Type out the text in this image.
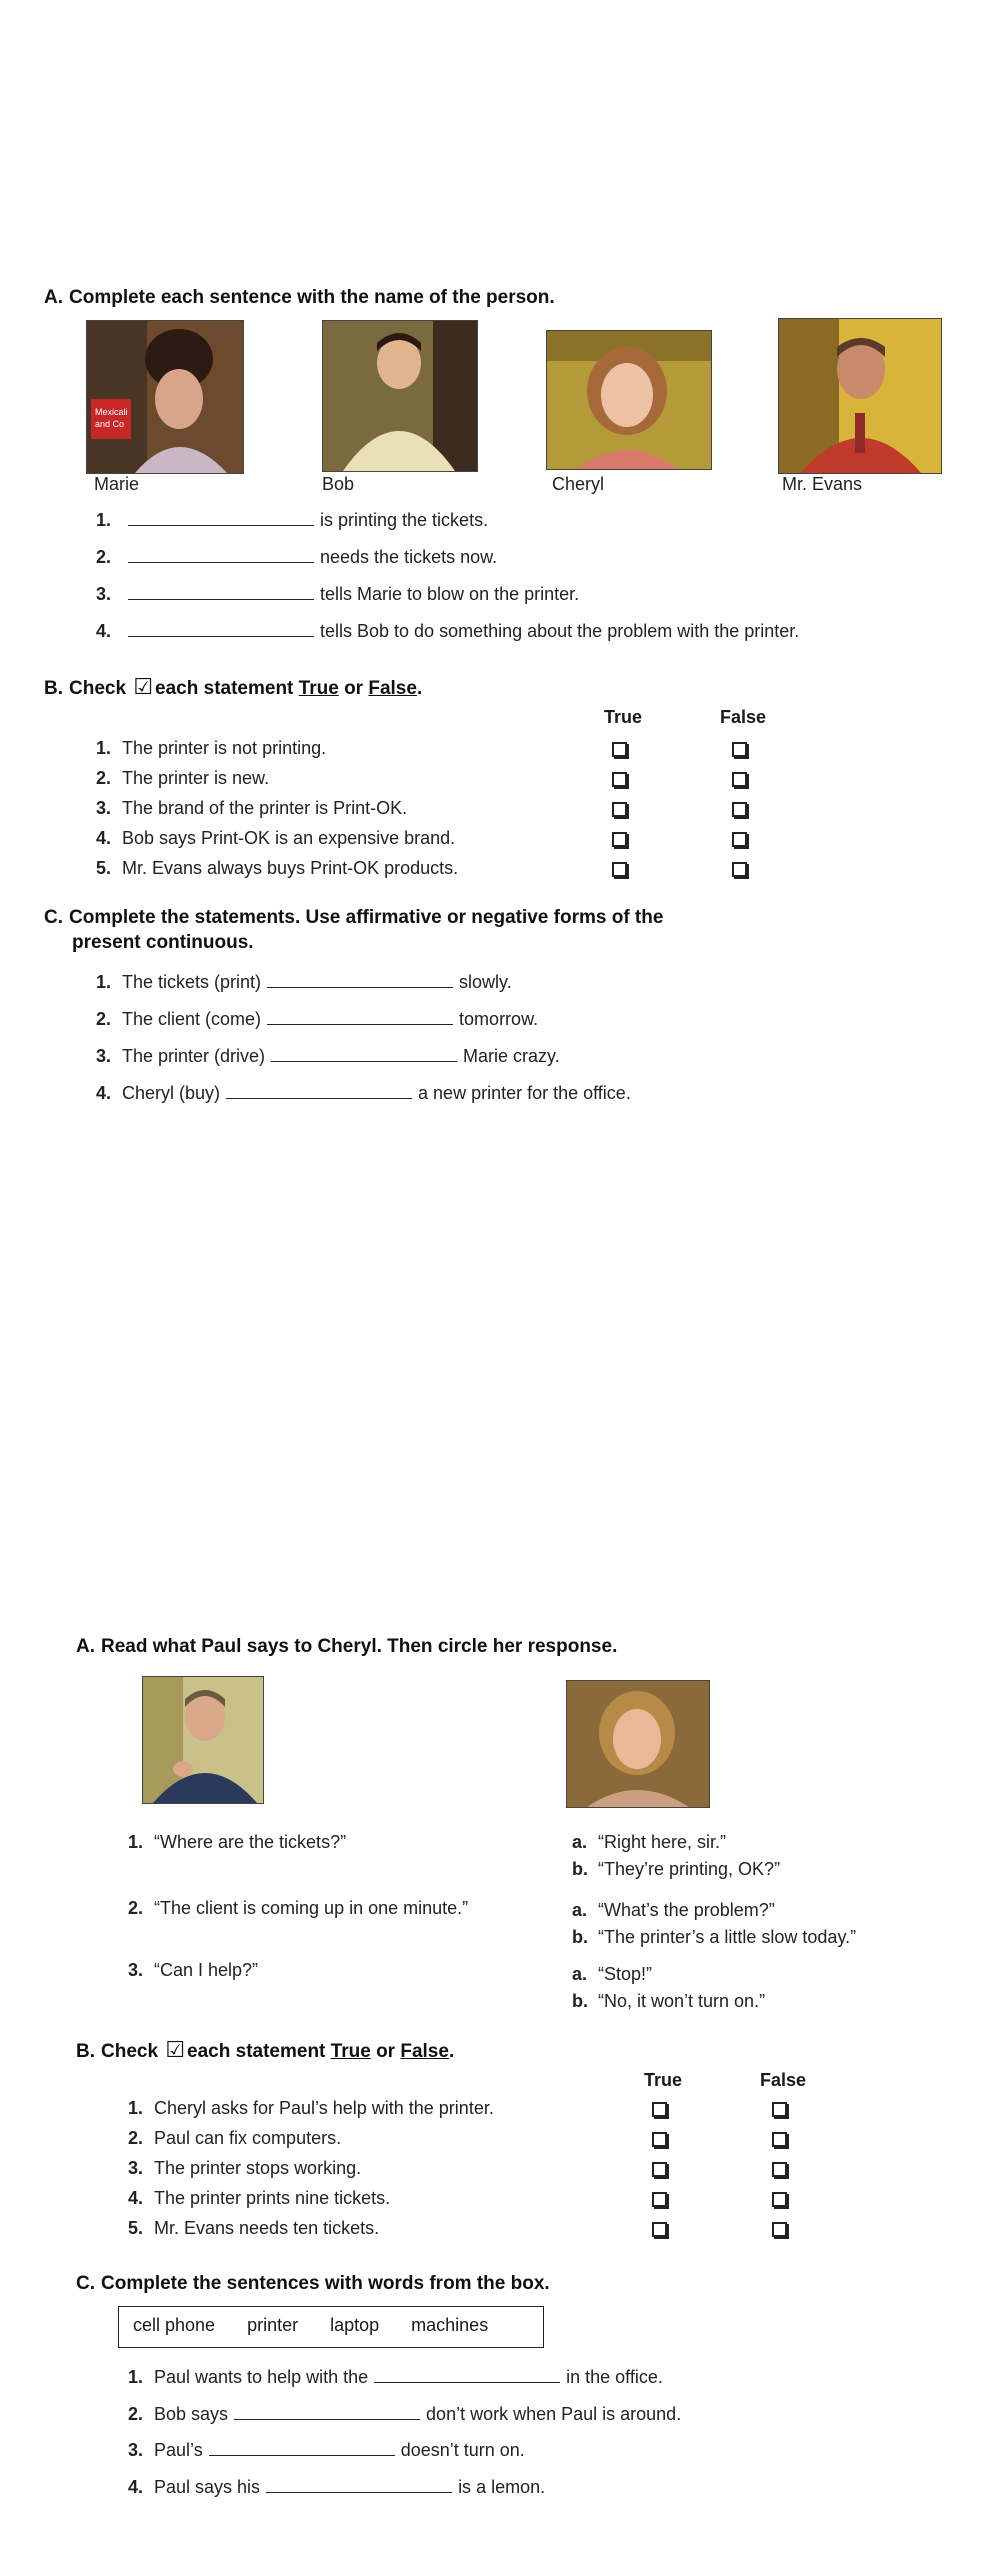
A. Complete each sentence with the name of the person.
Mexicali
and Co
Marie	Bob	Cheryl	Mr. Evans
1.	is printing the tickets.
2.	needs the tickets now.
3.	tells Marie to blow on the printer.
4.	tells Bob to do something about the problem with the printer.
B. Check ☑ each statement True or False.
True	False
1. The printer is not printing.
2. The printer is new.
3. The brand of the printer is Print-OK.
4. Bob says Print-OK is an expensive brand.
5. Mr. Evans always buys Print-OK products.
C. Complete the statements. Use affirmative or negative forms of the
present continuous.
1. The tickets (print)	slowly.
2. The client (come)	tomorrow.
3. The printer (drive)	Marie crazy.
4. Cheryl (buy)	a new printer for the office.
A. Read what Paul says to Cheryl. Then circle her response.
1. “Where are the tickets?”	a. “Right here, sir.”
b. “They’re printing, OK?”
2. “The client is coming up in one minute.”	a. “What’s the problem?”
b. “The printer’s a little slow today.”
3. “Can I help?”	a. “Stop!”
b. “No, it won’t turn on.”
B. Check ☑ each statement True or False.
True	False
1. Cheryl asks for Paul’s help with the printer.
2. Paul can fix computers.
3. The printer stops working.
4. The printer prints nine tickets.
5. Mr. Evans needs ten tickets.
C. Complete the sentences with words from the box.
cell phone printer laptop machines
1. Paul wants to help with the	in the office.
2. Bob says	don’t work when Paul is around.
3. Paul’s	doesn’t turn on.
4. Paul says his	is a lemon.
